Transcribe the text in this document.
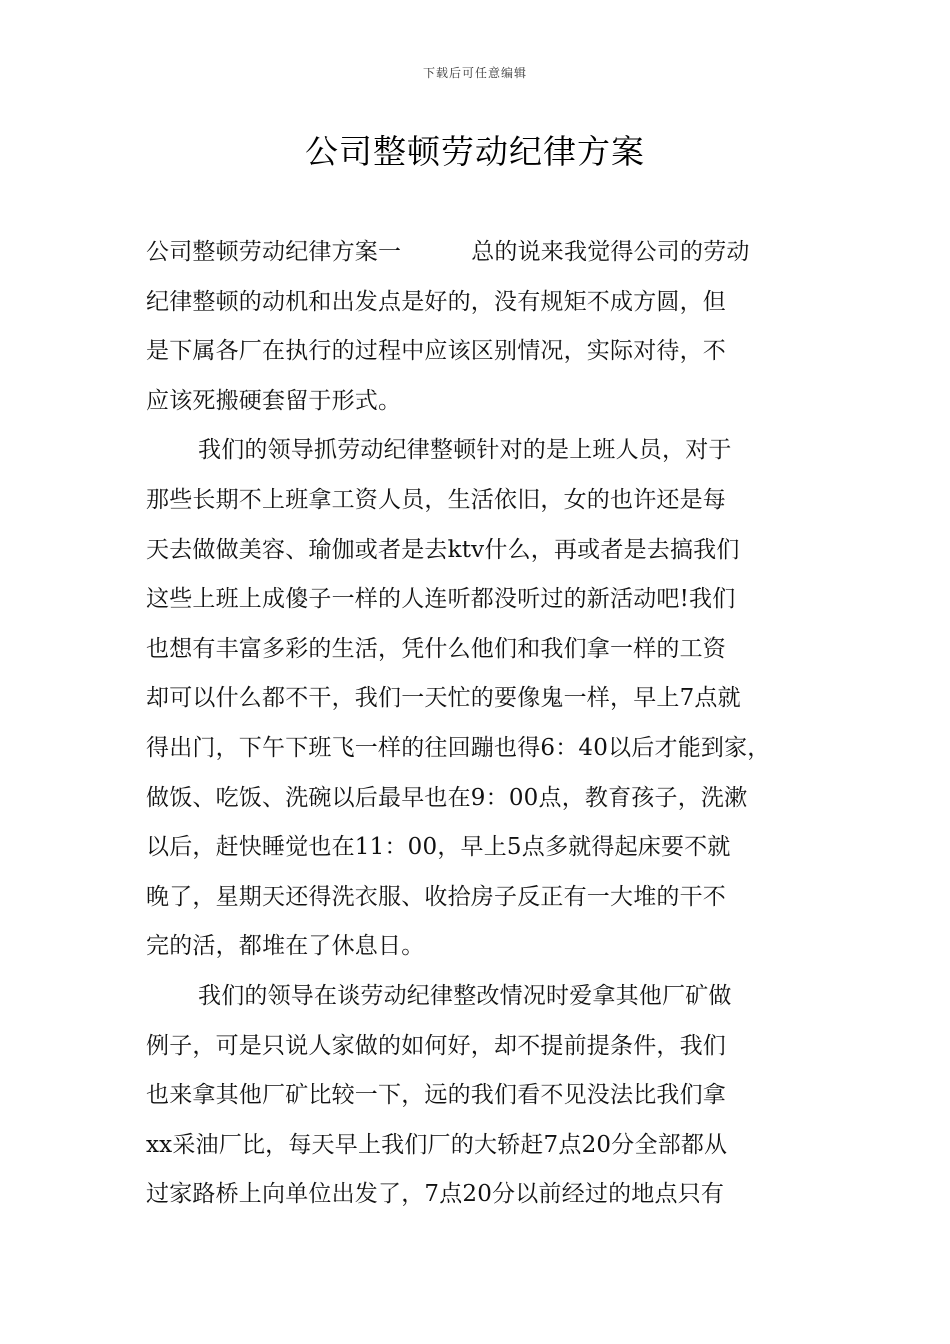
下载后可任意编辑
公司整顿劳动纪律方案
公司整顿劳动纪律方案一	总的说来我觉得公司的劳动
纪律整顿的动机和出发点是好的，没有规矩不成方圆，但
是下属各厂在执行的过程中应该区别情况，实际对待，不
应该死搬硬套留于形式。
我们的领导抓劳动纪律整顿针对的是上班人员，对于
那些长期不上班拿工资人员，生活依旧，女的也许还是每
天去做做美容、瑜伽或者是去ktv什么，再或者是去搞我们
这些上班上成傻子一样的人连听都没听过的新活动吧!我们
也想有丰富多彩的生活，凭什么他们和我们拿一样的工资
却可以什么都不干，我们一天忙的要像鬼一样，早上7点就
得出门，下午下班飞一样的往回蹦也得6：40以后才能到家，
做饭、吃饭、洗碗以后最早也在9：00点，教育孩子，洗漱
以后，赶快睡觉也在11：00，早上5点多就得起床要不就
晚了，星期天还得洗衣服、收拾房子反正有一大堆的干不
完的活，都堆在了休息日。
我们的领导在谈劳动纪律整改情况时爱拿其他厂矿做
例子，可是只说人家做的如何好，却不提前提条件，我们
也来拿其他厂矿比较一下，远的我们看不见没法比我们拿
xx采油厂比，每天早上我们厂的大轿赶7点20分全部都从
过家路桥上向单位出发了，7点20分以前经过的地点只有
